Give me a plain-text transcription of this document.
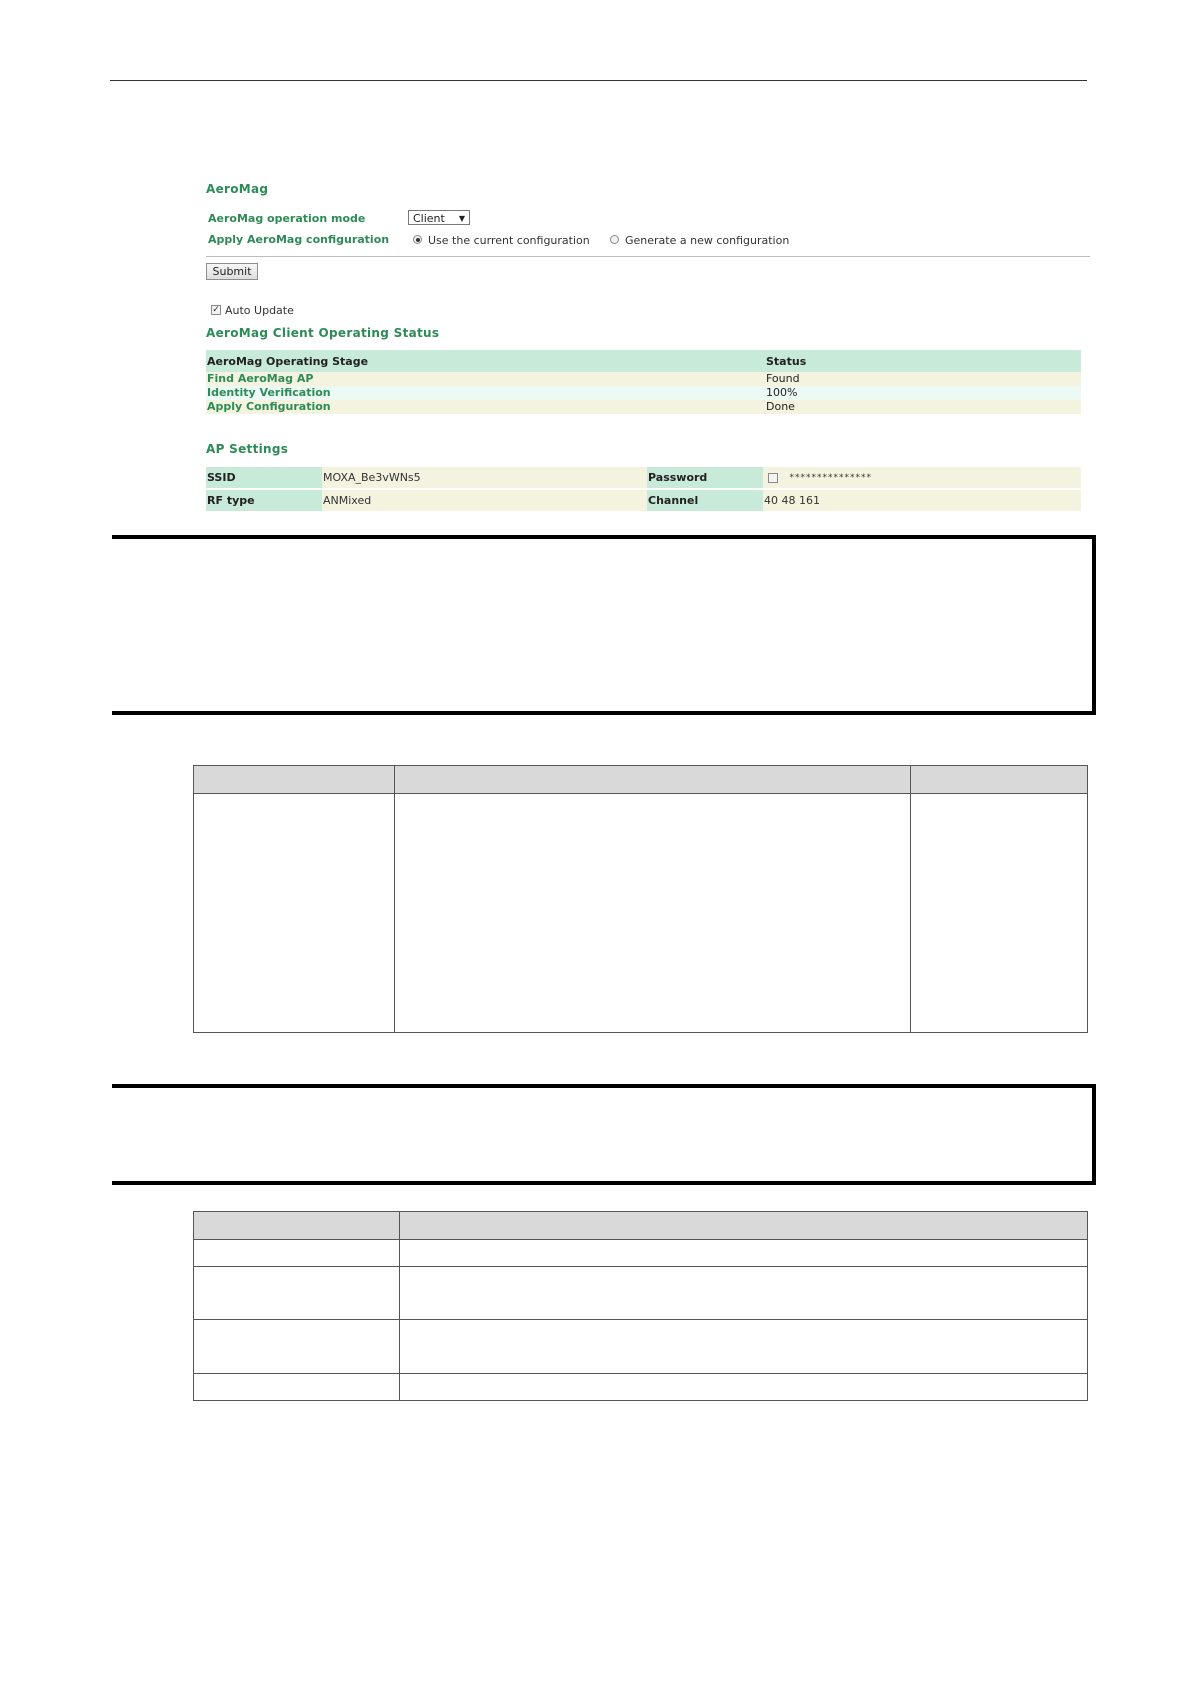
AeroMag
AeroMag operation mode	Client ▼
Apply AeroMag configuration	Use the current configuration	Generate a new configuration
Submit
✓ Auto Update
AeroMag Client Operating Status
AeroMag Operating Stage	Status
Find AeroMag AP	Found
Identity Verification	100%
Apply Configuration	Done
AP Settings
SSID	MOXA_Be3vWNs5	Password	***************
RF type	ANMixed	Channel	40 48 161
